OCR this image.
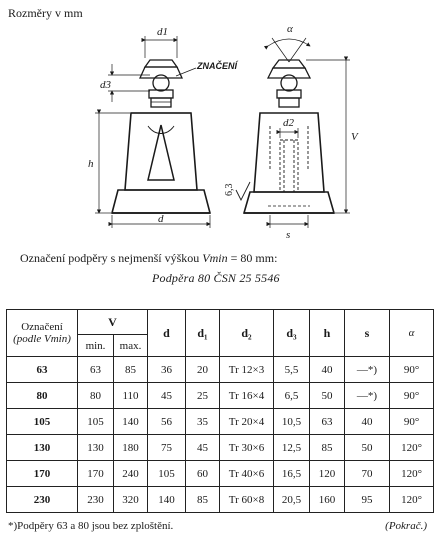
Rozměry v mm
d1
d3
h
d
ZNAČENÍ
α
V
d2
s
6,3
Označení podpěry s nejmenší výškou Vmin = 80 mm:
Podpěra 80 ČSN 25 5546
Označení
(podle Vmin)	V		d	d₁	d₂	d₃	h	s	α
	min.	max.							
63	63	85	36	20	Tr 12×3	5,5	40	—*)	90°
80	80	110	45	25	Tr 16×4	6,5	50	—*)	90°
105	105	140	56	35	Tr 20×4	10,5	63	40	90°
130	130	180	75	45	Tr 30×6	12,5	85	50	120°
170	170	240	105	60	Tr 40×6	16,5	120	70	120°
230	230	320	140	85	Tr 60×8	20,5	160	95	120°
*)Podpěry 63 a 80 jsou bez zploštění.	(Pokrač.)
